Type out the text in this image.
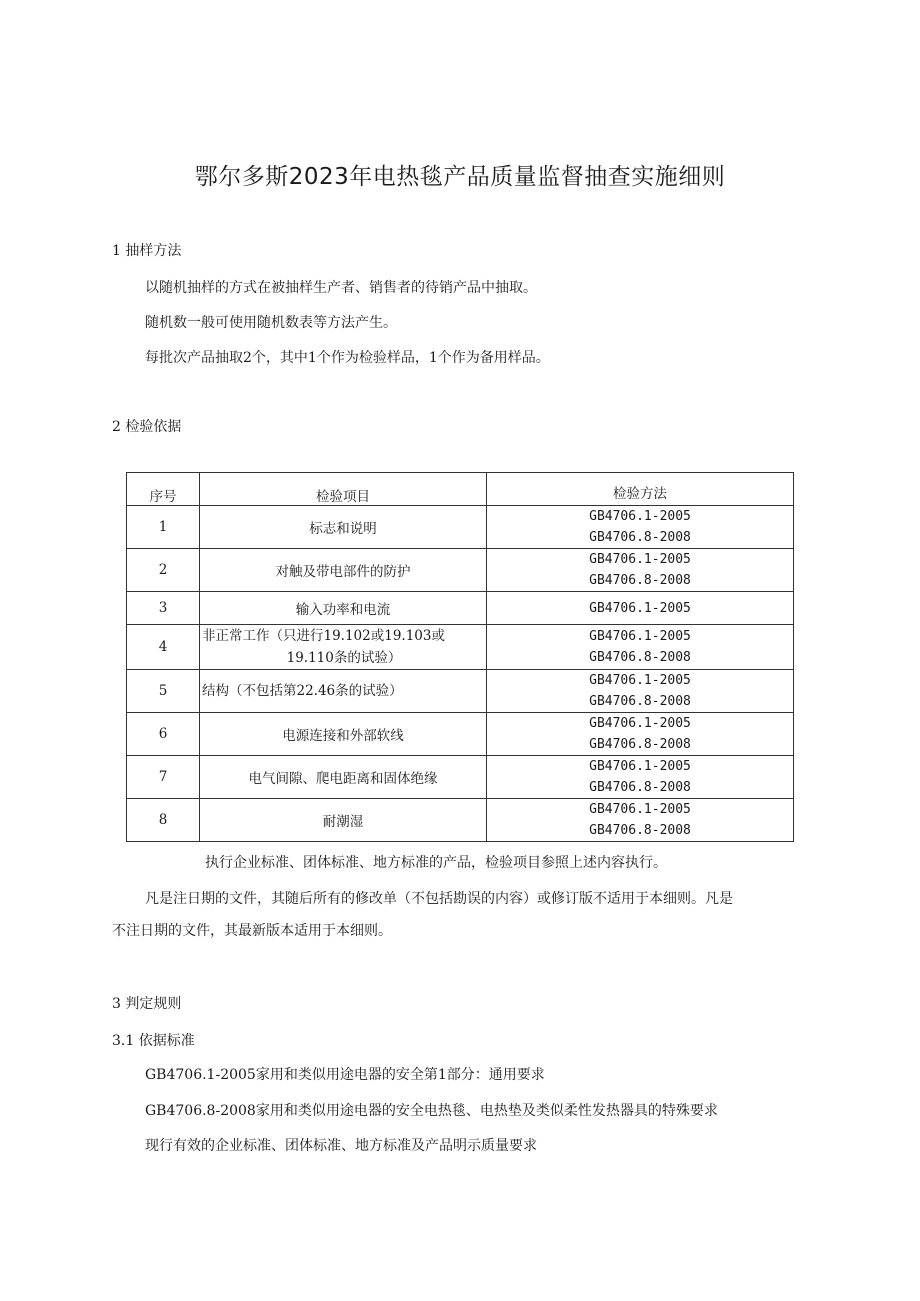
鄂尔多斯2023年电热毯产品质量监督抽查实施细则
1 抽样方法
以随机抽样的方式在被抽样生产者、销售者的待销产品中抽取。
随机数一般可使用随机数表等方法产生。
每批次产品抽取2个，其中1个作为检验样品，1个作为备用样品。
2 检验依据
序号	检验项目	检验方法
1	标志和说明	GB4706.1-2005
GB4706.8-2008

2	对触及带电部件的防护	GB4706.1-2005
GB4706.8-2008

3	输入功率和电流	GB4706.1-2005

4	非正常工作（只进行19.102或19.103或
19.110条的试验）	GB4706.1-2005
GB4706.8-2008

5	结构（不包括第22.46条的试验）	GB4706.1-2005
GB4706.8-2008

6	电源连接和外部软线	GB4706.1-2005
GB4706.8-2008

7	电气间隙、爬电距离和固体绝缘	GB4706.1-2005
GB4706.8-2008

8	耐潮湿	GB4706.1-2005
GB4706.8-2008
执行企业标准、团体标准、地方标准的产品，检验项目参照上述内容执行。
凡是注日期的文件，其随后所有的修改单（不包括勘误的内容）或修订版不适用于本细则。凡是
不注日期的文件，其最新版本适用于本细则。
3 判定规则
3.1 依据标准
GB4706.1-2005家用和类似用途电器的安全第1部分：通用要求
GB4706.8-2008家用和类似用途电器的安全电热毯、电热垫及类似柔性发热器具的特殊要求
现行有效的企业标准、团体标准、地方标准及产品明示质量要求
